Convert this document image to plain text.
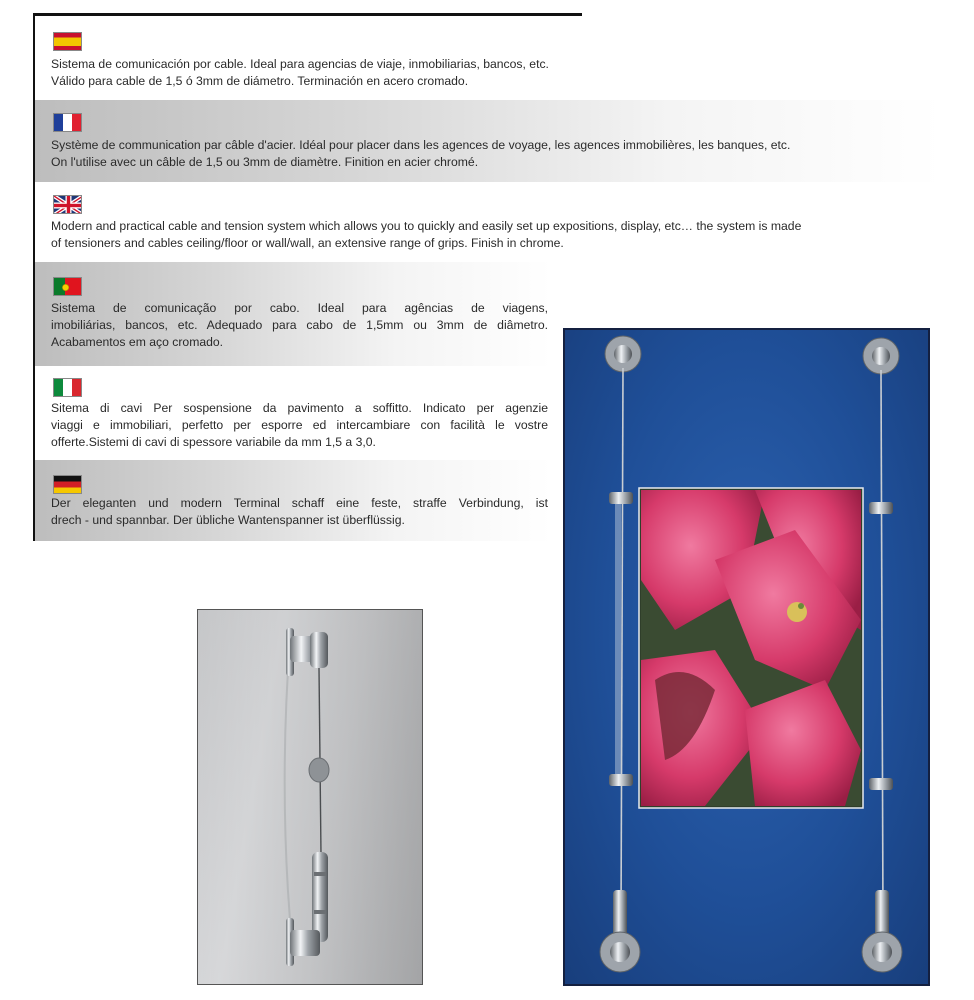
Sistema de comunicación por cable. Ideal para agencias de viaje, inmobiliarias, bancos, etc.
Válido para cable de 1,5 ó 3mm de diámetro. Terminación en acero cromado.
Système de communication par câble d'acier. Idéal pour placer dans les agences de voyage, les agences immobilières, les banques, etc.
On l'utilise avec un câble de 1,5 ou 3mm de diamètre. Finition en acier chromé.
Modern and practical cable and tension system which allows you to quickly and easily set up expositions, display, etc… the system is made
of tensioners and cables ceiling/floor or wall/wall, an extensive range of grips. Finish in chrome.
Sistema de comunicação por cabo. Ideal para agências de viagens,
imobiliárias, bancos, etc. Adequado para cabo de 1,5mm ou 3mm de diâmetro.
Acabamentos em aço cromado.
Sitema di cavi Per sospensione da pavimento a soffitto. Indicato per agenzie
viaggi e immobiliari, perfetto per esporre ed intercambiare con facilità le vostre
offerte.Sistemi di cavi di spessore variabile da mm 1,5 a 3,0.
Der eleganten und modern Terminal schaff eine feste, straffe Verbindung, ist
drech - und spannbar. Der übliche Wantenspanner ist überflüssig.
